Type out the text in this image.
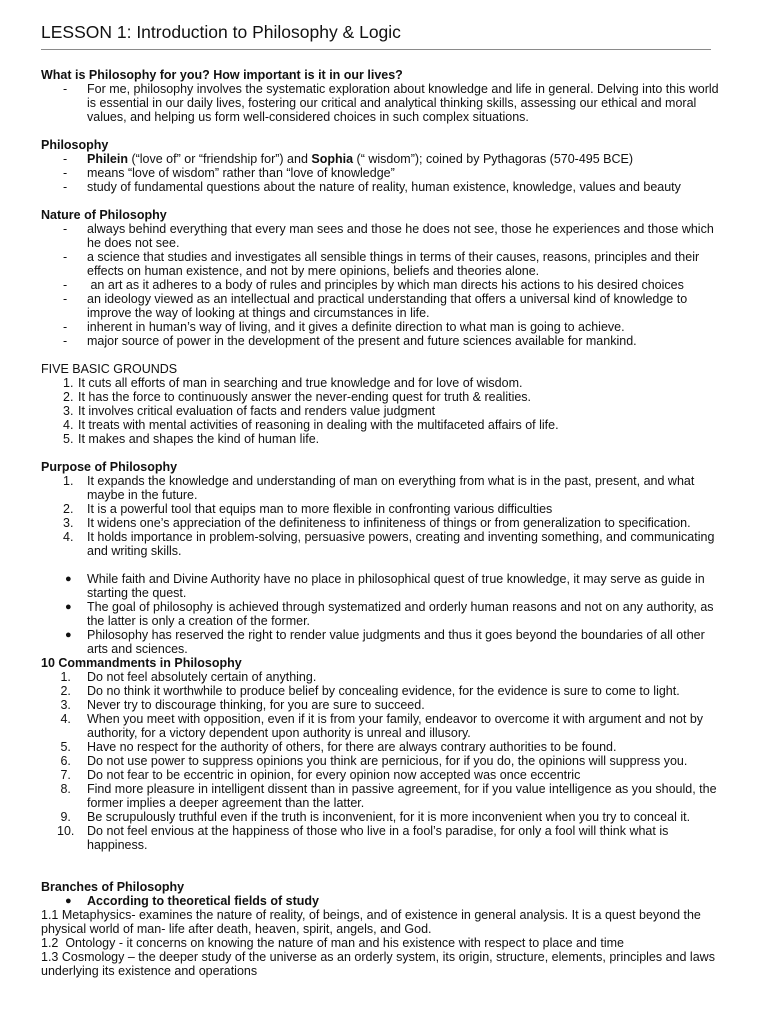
LESSON 1: Introduction to Philosophy & Logic
What is Philosophy for you? How important is it in our lives?
-	For me, philosophy involves the systematic exploration about knowledge and life in general. Delving into this world is essential in our daily lives, fostering our critical and analytical thinking skills, assessing our ethical and moral values, and helping us form well-considered choices in such complex situations.
Philosophy
-	Philein (“love of” or “friendship for”) and Sophia (“ wisdom”); coined by Pythagoras (570-495 BCE)
-	means “love of wisdom” rather than “love of knowledge”
-	study of fundamental questions about the nature of reality, human existence, knowledge, values and beauty
Nature of Philosophy
-	always behind everything that every man sees and those he does not see, those he experiences and those which he does not see.
-	a science that studies and investigates all sensible things in terms of their causes, reasons, principles and their effects on human existence, and not by mere opinions, beliefs and theories alone.
-	an art as it adheres to a body of rules and principles by which man directs his actions to his desired choices
-	an ideology viewed as an intellectual and practical understanding that offers a universal kind of knowledge to improve the way of looking at things and circumstances in life.
-	inherent in human’s way of living, and it gives a definite direction to what man is going to achieve.
-	major source of power in the development of the present and future sciences available for mankind.
FIVE BASIC GROUNDS
1. It cuts all efforts of man in searching and true knowledge and for love of wisdom.
2. It has the force to continuously answer the never-ending quest for truth & realities.
3. It involves critical evaluation of facts and renders value judgment
4. It treats with mental activities of reasoning in dealing with the multifaceted affairs of life.
5. It makes and shapes the kind of human life.
Purpose of Philosophy
1.	It expands the knowledge and understanding of man on everything from what is in the past, present, and what maybe in the future.
2.	It is a powerful tool that equips man to more flexible in confronting various difficulties
3.	It widens one’s appreciation of the definiteness to infiniteness of things or from generalization to specification.
4.	It holds importance in problem-solving, persuasive powers, creating and inventing something, and communicating and writing skills.
●	While faith and Divine Authority have no place in philosophical quest of true knowledge, it may serve as guide in starting the quest.
●	The goal of philosophy is achieved through systematized and orderly human reasons and not on any authority, as the latter is only a creation of the former.
●	Philosophy has reserved the right to render value judgments and thus it goes beyond the boundaries of all other arts and sciences.
10 Commandments in Philosophy
1.	Do not feel absolutely certain of anything.
2.	Do no think it worthwhile to produce belief by concealing evidence, for the evidence is sure to come to light.
3.	Never try to discourage thinking, for you are sure to succeed.
4.	When you meet with opposition, even if it is from your family, endeavor to overcome it with argument and not by authority, for a victory dependent upon authority is unreal and illusory.
5.	Have no respect for the authority of others, for there are always contrary authorities to be found.
6.	Do not use power to suppress opinions you think are pernicious, for if you do, the opinions will suppress you.
7.	Do not fear to be eccentric in opinion, for every opinion now accepted was once eccentric
8.	Find more pleasure in intelligent dissent than in passive agreement, for if you value intelligence as you should, the former implies a deeper agreement than the latter.
9.	Be scrupulously truthful even if the truth is inconvenient, for it is more inconvenient when you try to conceal it.
10. Do not feel envious at the happiness of those who live in a fool’s paradise, for only a fool will think what is happiness.
Branches of Philosophy
●	According to theoretical fields of study
1.1 Metaphysics- examines the nature of reality, of beings, and of existence in general analysis. It is a quest beyond the physical world of man- life after death, heaven, spirit, angels, and God.
1.2  Ontology - it concerns on knowing the nature of man and his existence with respect to place and time
1.3 Cosmology – the deeper study of the universe as an orderly system, its origin, structure, elements, principles and laws underlying its existence and operations
